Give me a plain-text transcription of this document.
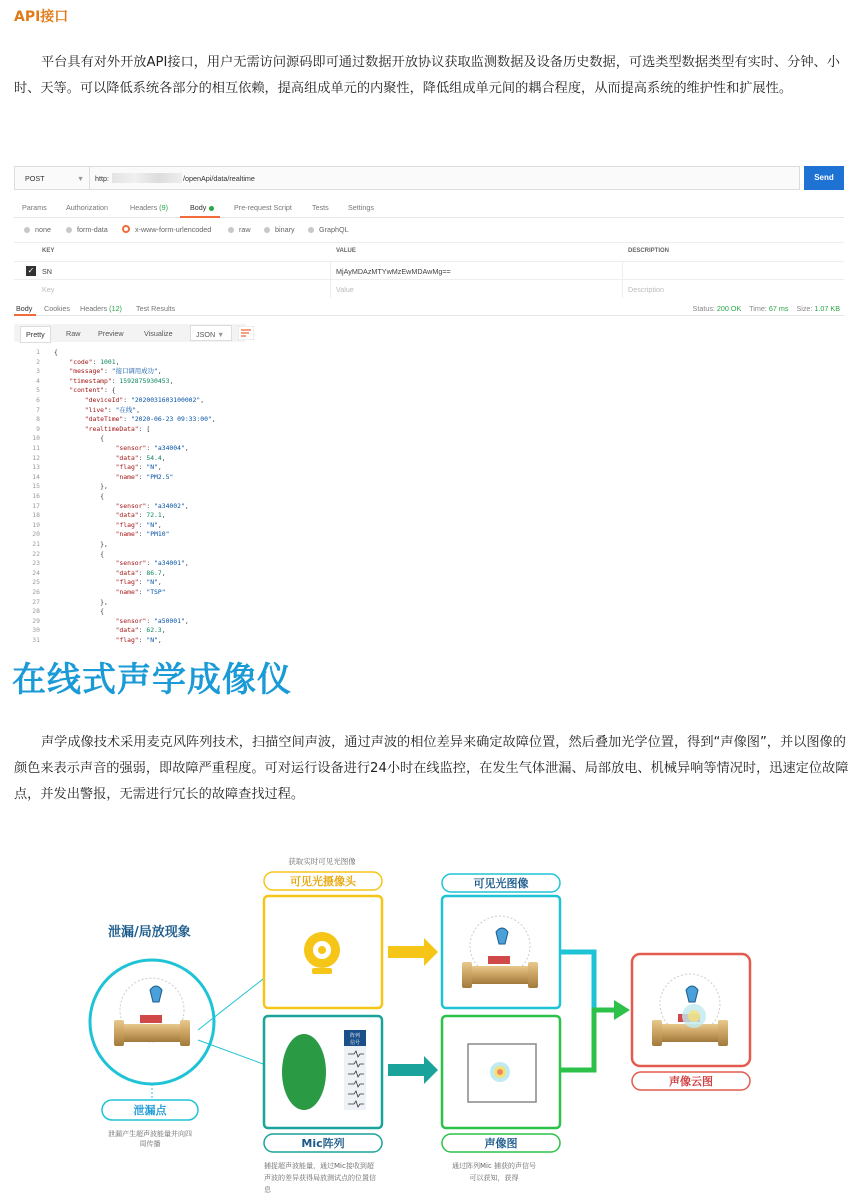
API接口

平台具有对外开放API接口，用户无需访问源码即可通过数据开放协议获取监测数据及设备历史数据，可选类型数据类型有实时、分钟、小时、天等。可以降低系统各部分的相互依赖，提高组成单元的内聚性，降低组成单元间的耦合程度，从而提高系统的维护性和扩展性。

POST	▼ http:	/openApi/data/realtime	Send
Params	Authorization	Headers (9)	Body	Pre-request Script	Tests	Settings
none	form-data	x-www-form-urlencoded	raw	binary	GraphQL
KEY	VALUE	DESCRIPTION
✓ SN	MjAyMDAzMTYwMzEwMDAwMg==
Key	Value	Description
Body Cookies Headers (12) Test Results	Status: 200 OK Time: 67 ms Size: 1.07 KB
Pretty	Raw Preview	Visualize	JSON ▼
1 {
2	"code": 1001,
3	"message": "接口调用成功",
4	"timestamp": 1592875930453,
5	"content": {
6	"deviceId": "2020031603100002",
7	"live": "在线",
8	"dateTime": "2020-06-23 09:33:00",
9	"realtimeData": [
10            {
11	"sensor": "a34004",
12	"data": 54.4,
13	"flag": "N",
14	"name": "PM2.5"
15            },
16            {
17	"sensor": "a34002",
18	"data": 72.1,
19	"flag": "N",
20	"name": "PM10"
21            },
22            {
23	"sensor": "a34001",
24	"data": 86.7,
25	"flag": "N",
26	"name": "TSP"
27            },
28            {
29	"sensor": "a50001",
30	"data": 62.3,
31	"flag": "N",
在线式声学成像仪

声学成像技术采用麦克风阵列技术，扫描空间声波，通过声波的相位差异来确定故障位置，然后叠加光学位置，得到“声像图”，并以图像的颜色来表示声音的强弱，即故障严重程度。可对运行设备进行24小时在线监控，在发生气体泄漏、局部放电、机械异响等情况时，迅速定位故障点，并发出警报，无需进行冗长的故障查找过程。

泄漏/局放现象
泄漏点
泄漏产生超声波能量并向四
周传播
获取实时可见光图像
可见光摄像头
阵列
信号
Mic阵列
捕捉超声波能量，通过Mic接收到超
声波的差异获得局放测试点的位置信
息
可见光图像
声像图
通过阵列Mic 捕获的声信号
可以获知，获得
声像云图
